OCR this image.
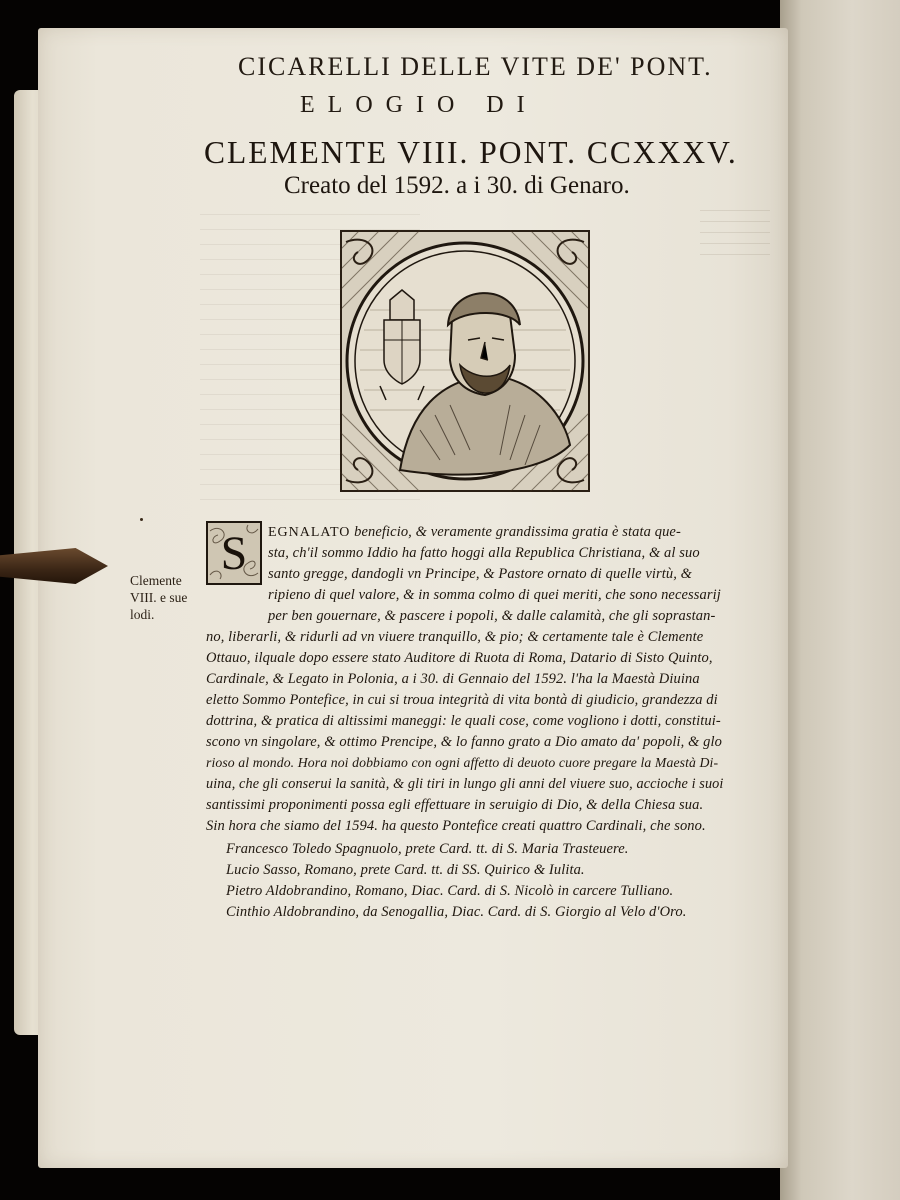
CICARELLI DELLE VITE DE' PONT.
ELOGIO DI
CLEMENTE VIII. PONT. CCXXXV.
Creato del 1592. a i 30. di Genaro.
Clemente
VIII. e sue
lodi.
S EGNALATO beneficio, & veramente grandissima gratia è stata que-
sta, ch'il sommo Iddio ha fatto hoggi alla Republica Christiana, & al suo
santo gregge, dandogli vn Principe, & Pastore ornato di quelle virtù, &
ripieno di quel valore, & in somma colmo di quei meriti, che sono necessarij
per ben gouernare, & pascere i popoli, & dalle calamità, che gli soprastan-
no, liberarli, & ridurli ad vn viuere tranquillo, & pio; & certamente tale è Clemente
Ottauo, ilquale dopo essere stato Auditore di Ruota di Roma, Datario di Sisto Quinto,
Cardinale, & Legato in Polonia, a i 30. di Gennaio del 1592. l'ha la Maestà Diuina
eletto Sommo Pontefice, in cui si troua integrità di vita bontà di giudicio, grandezza di
dottrina, & pratica di altissimi maneggi: le quali cose, come vogliono i dotti, constitui-
scono vn singolare, & ottimo Prencipe, & lo fanno grato a Dio amato da' popoli, & glo
rioso al mondo. Hora noi dobbiamo con ogni affetto di deuoto cuore pregare la Maestà Di-
uina, che gli conserui la sanità, & gli tiri in lungo gli anni del viuere suo, accioche i suoi
santissimi proponimenti possa egli effettuare in seruigio di Dio, & della Chiesa sua.
Sin hora che siamo del 1594. ha questo Pontefice creati quattro Cardinali, che sono.
Francesco Toledo Spagnuolo, prete Card. tt. di S. Maria Trasteuere.
Lucio Sasso, Romano, prete Card. tt. di SS. Quirico & Iulita.
Pietro Aldobrandino, Romano, Diac. Card. di S. Nicolò in carcere Tulliano.
Cinthio Aldobrandino, da Senogallia, Diac. Card. di S. Giorgio al Velo d'Oro.
